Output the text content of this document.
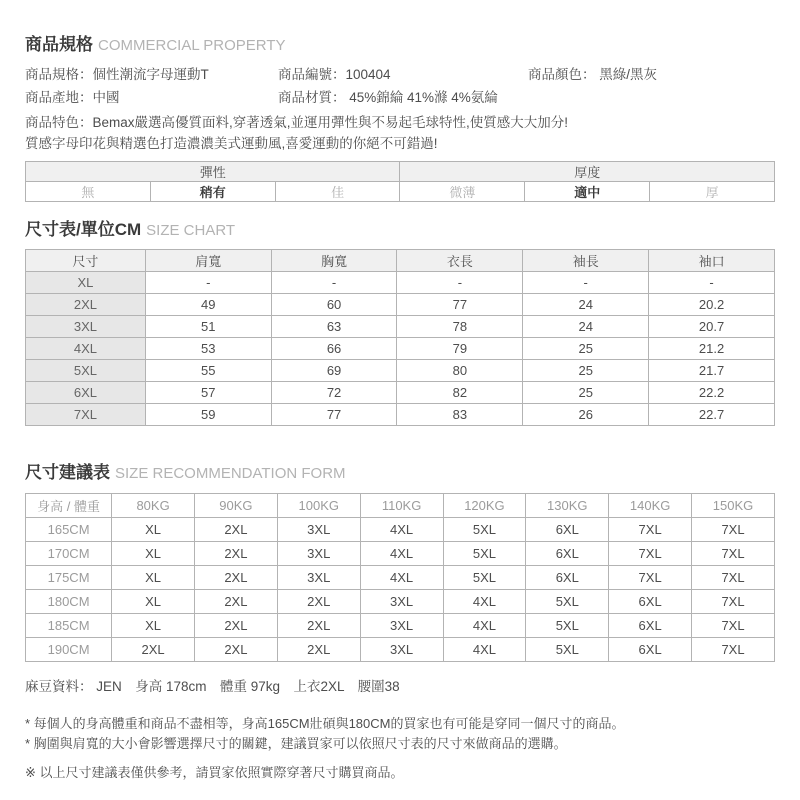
商品規格 COMMERCIAL PROPERTY
商品規格：個性潮流字母運動T	商品編號：100404	商品顏色： 黑綠/黑灰
商品產地：中國	商品材質： 45%錦綸 41%滌 4%氨綸
商品特色：Bemax嚴選高優質面料,穿著透氣,並運用彈性與不易起毛球特性,使質感大大加分!
質感字母印花與精選色打造濃濃美式運動風,喜愛運動的你絕不可錯過!
彈性			厚度		
無	稍有	佳	微薄	適中	厚
尺寸表/單位CM SIZE CHART
尺寸	肩寬	胸寬	衣長	袖長	袖口
XL	-	-	-	-	-
2XL	49	60	77	24	20.2
3XL	51	63	78	24	20.7
4XL	53	66	79	25	21.2
5XL	55	69	80	25	21.7
6XL	57	72	82	25	22.2
7XL	59	77	83	26	22.7
尺寸建議表 SIZE RECOMMENDATION FORM
身高 / 體重	80KG	90KG	100KG	110KG	120KG	130KG	140KG	150KG
165CM	XL	2XL	3XL	4XL	5XL	6XL	7XL	7XL
170CM	XL	2XL	3XL	4XL	5XL	6XL	7XL	7XL
175CM	XL	2XL	3XL	4XL	5XL	6XL	7XL	7XL
180CM	XL	2XL	2XL	3XL	4XL	5XL	6XL	7XL
185CM	XL	2XL	2XL	3XL	4XL	5XL	6XL	7XL
190CM	2XL	2XL	2XL	3XL	4XL	5XL	6XL	7XL
麻豆資料： JEN　身高 178cm　體重 97kg　上衣2XL　腰圍38
* 每個人的身高體重和商品不盡相等，身高165CM壯碩與180CM的買家也有可能是穿同一個尺寸的商品。
* 胸圍與肩寬的大小會影響選擇尺寸的關鍵，建議買家可以依照尺寸表的尺寸來做商品的選購。
※ 以上尺寸建議表僅供參考，請買家依照實際穿著尺寸購買商品。
